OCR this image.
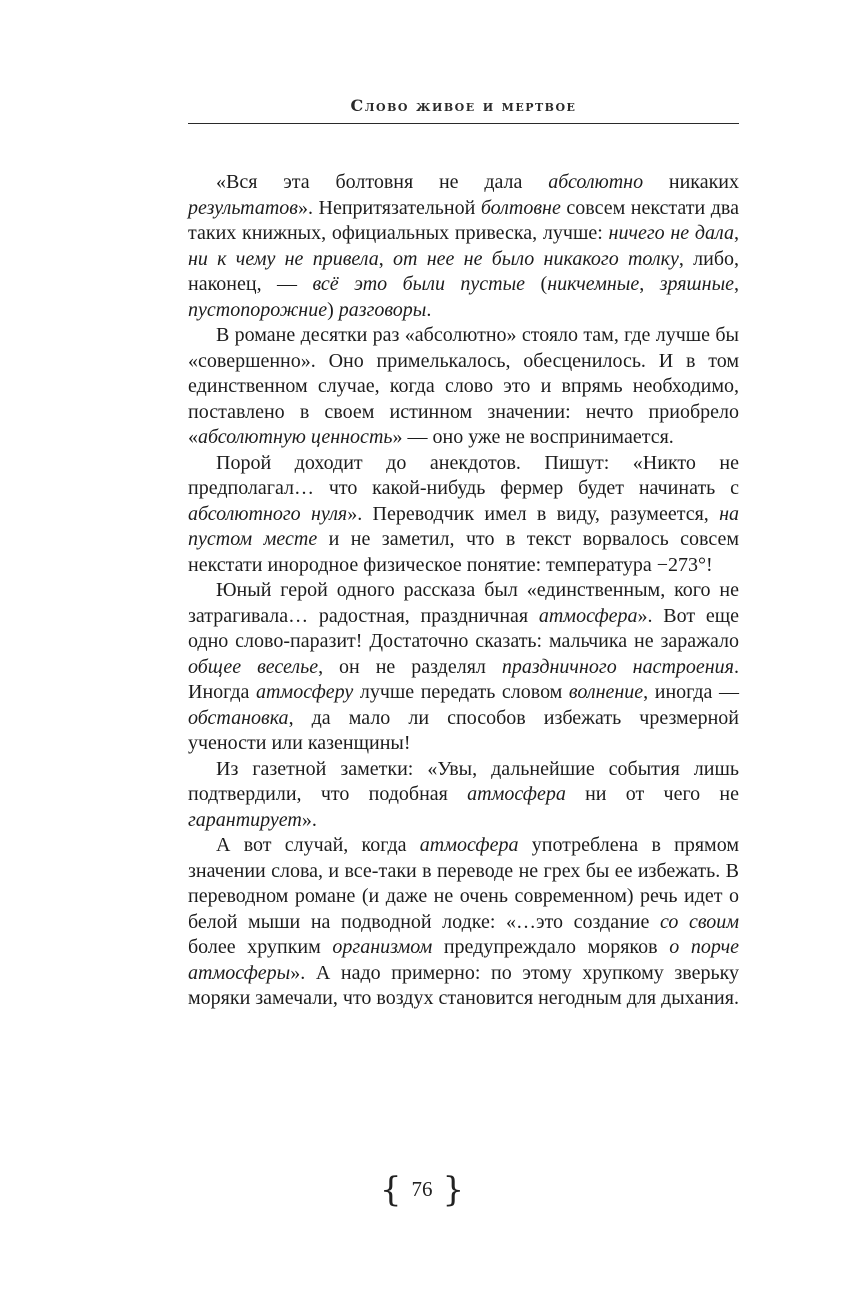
Слово живое и мертвое

«Вся эта болтовня не дала абсолютно никаких результатов». Непритязательной болтовне совсем некстати два таких книжных, официальных привеска, лучше: ничего не дала, ни к чему не привела, от нее не было никакого толку, либо, наконец, — всё это были пустые (никчемные, зряшные, пустопорожние) разговоры.

В романе десятки раз «абсолютно» стояло там, где лучше бы «совершенно». Оно примелькалось, обесценилось. И в том единственном случае, когда слово это и впрямь необходимо, поставлено в своем истинном значении: нечто приобрело «абсолютную ценность» — оно уже не воспринимается.

Порой доходит до анекдотов. Пишут: «Никто не предполагал… что какой-нибудь фермер будет начинать с абсолютного нуля». Переводчик имел в виду, разумеется, на пустом месте и не заметил, что в текст ворвалось совсем некстати инородное физическое понятие: температура −273°!

Юный герой одного рассказа был «единственным, кого не затрагивала… радостная, праздничная атмосфера». Вот еще одно слово-паразит! Достаточно сказать: мальчика не заражало общее веселье, он не разделял праздничного настроения. Иногда атмосферу лучше передать словом волнение, иногда — обстановка, да мало ли способов избежать чрезмерной учености или казенщины!

Из газетной заметки: «Увы, дальнейшие события лишь подтвердили, что подобная атмосфера ни от чего не гарантирует».

А вот случай, когда атмосфера употреблена в прямом значении слова, и все-таки в переводе не грех бы ее избежать. В переводном романе (и даже не очень современном) речь идет о белой мыши на подводной лодке: «…это создание со своим более хрупким организмом предупреждало моряков о порче атмосферы». А надо примерно: по этому хрупкому зверьку моряки замечали, что воздух становится негодным для дыхания.

{ 76 }
